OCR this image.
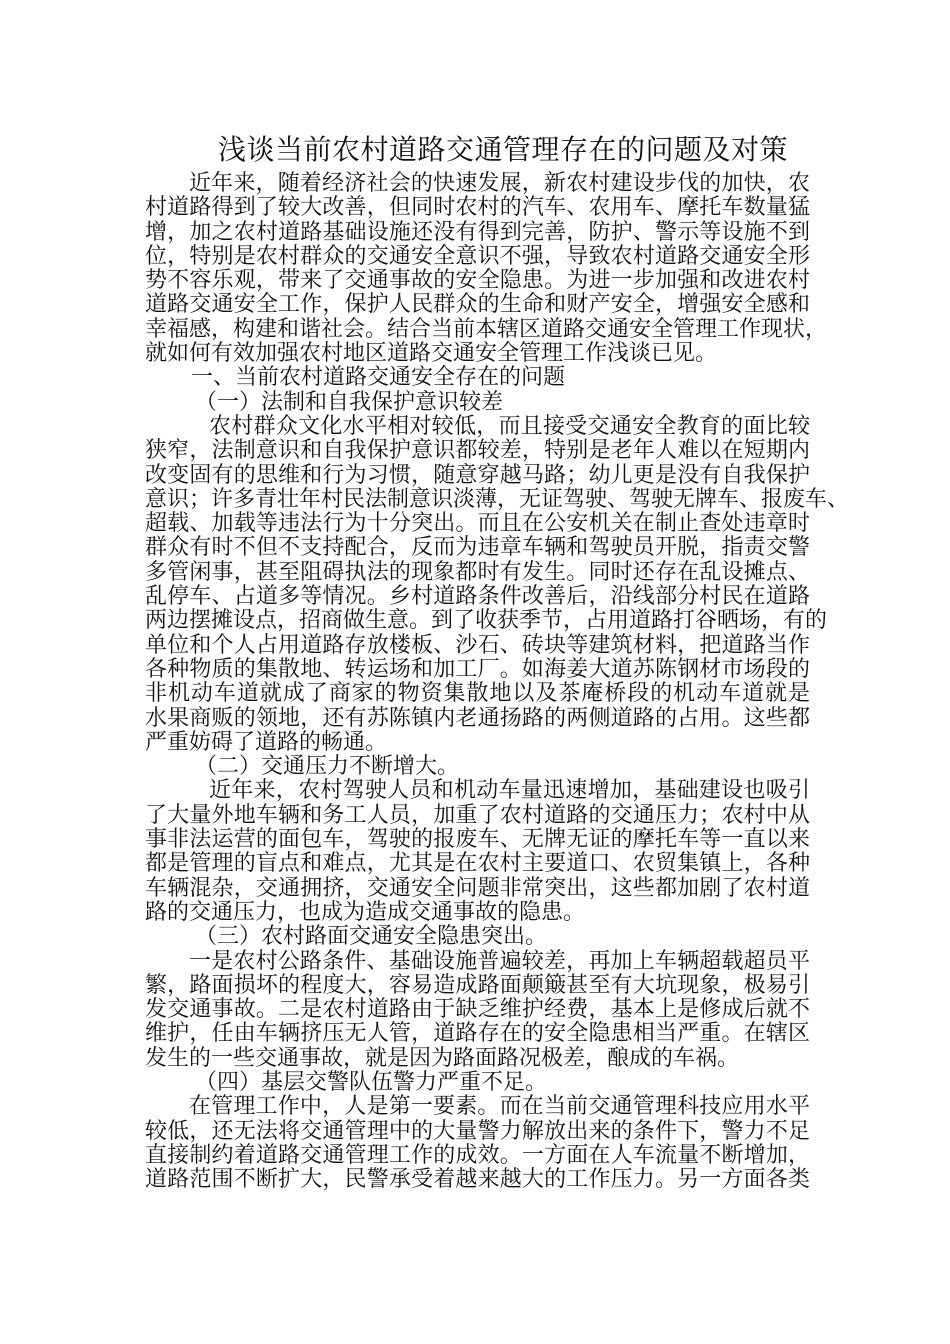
浅谈当前农村道路交通管理存在的问题及对策
近年来，随着经济社会的快速发展，新农村建设步伐的加快，农
村道路得到了较大改善，但同时农村的汽车、农用车、摩托车数量猛
增，加之农村道路基础设施还没有得到完善，防护、警示等设施不到
位，特别是农村群众的交通安全意识不强，导致农村道路交通安全形
势不容乐观，带来了交通事故的安全隐患。为进一步加强和改进农村
道路交通安全工作，保护人民群众的生命和财产安全，增强安全感和
幸福感，构建和谐社会。结合当前本辖区道路交通安全管理工作现状，
就如何有效加强农村地区道路交通安全管理工作浅谈已见。
一、当前农村道路交通安全存在的问题
（一）法制和自我保护意识较差
农村群众文化水平相对较低，而且接受交通安全教育的面比较
狭窄，法制意识和自我保护意识都较差，特别是老年人难以在短期内
改变固有的思维和行为习惯，随意穿越马路；幼儿更是没有自我保护
意识；许多青壮年村民法制意识淡薄，无证驾驶、驾驶无牌车、报废车、
超载、加载等违法行为十分突出。而且在公安机关在制止查处违章时
群众有时不但不支持配合，反而为违章车辆和驾驶员开脱，指责交警
多管闲事，甚至阻碍执法的现象都时有发生。同时还存在乱设摊点、
乱停车、占道多等情况。乡村道路条件改善后，沿线部分村民在道路
两边摆摊设点，招商做生意。到了收获季节，占用道路打谷晒场，有的
单位和个人占用道路存放楼板、沙石、砖块等建筑材料，把道路当作
各种物质的集散地、转运场和加工厂。如海姜大道苏陈钢材市场段的
非机动车道就成了商家的物资集散地以及茶庵桥段的机动车道就是
水果商贩的领地，还有苏陈镇内老通扬路的两侧道路的占用。这些都
严重妨碍了道路的畅通。
（二）交通压力不断增大。
近年来，农村驾驶人员和机动车量迅速增加，基础建设也吸引
了大量外地车辆和务工人员，加重了农村道路的交通压力；农村中从
事非法运营的面包车，驾驶的报废车、无牌无证的摩托车等一直以来
都是管理的盲点和难点，尤其是在农村主要道口、农贸集镇上，各种
车辆混杂，交通拥挤，交通安全问题非常突出，这些都加剧了农村道
路的交通压力，也成为造成交通事故的隐患。
（三）农村路面交通安全隐患突出。
一是农村公路条件、基础设施普遍较差，再加上车辆超载超员平
繁，路面损坏的程度大，容易造成路面颠簸甚至有大坑现象，极易引
发交通事故。二是农村道路由于缺乏维护经费，基本上是修成后就不
维护，任由车辆挤压无人管，道路存在的安全隐患相当严重。在辖区
发生的一些交通事故，就是因为路面路况极差，酿成的车祸。
（四）基层交警队伍警力严重不足。
在管理工作中，人是第一要素。而在当前交通管理科技应用水平
较低，还无法将交通管理中的大量警力解放出来的条件下，警力不足
直接制约着道路交通管理工作的成效。一方面在人车流量不断增加，
道路范围不断扩大，民警承受着越来越大的工作压力。另一方面各类
